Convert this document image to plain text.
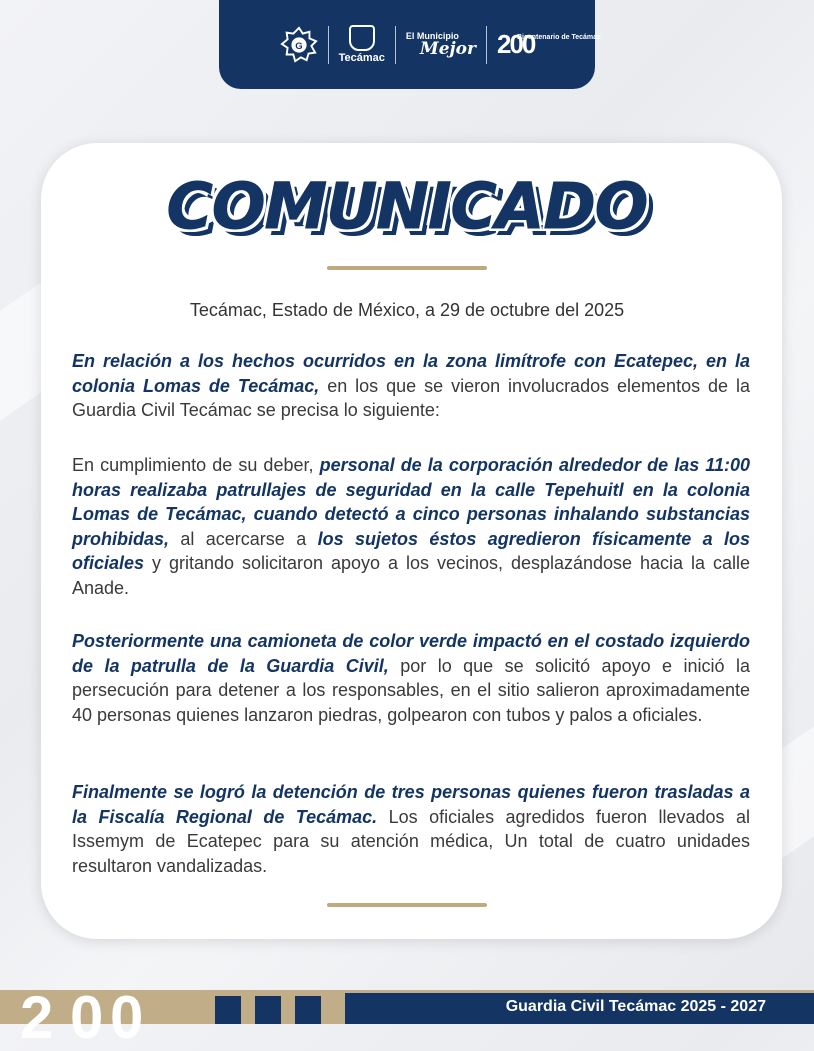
G
Tecámac
El Municipio
Mejor 200
Bicentenario de Tecámac
COMUNICADO
Tecámac, Estado de México, a 29 de octubre del 2025
En relación a los hechos ocurridos en la zona limítrofe con Ecatepec, en la colonia Lomas de Tecámac, en los que se vieron involucrados elementos de la Guardia Civil Tecámac se precisa lo siguiente:
En cumplimiento de su deber, personal de la corporación alrededor de las 11:00 horas realizaba patrullajes de seguridad en la calle Tepehuitl en la colonia Lomas de Tecámac, cuando detectó a cinco personas inhalando substancias prohibidas, al acercarse a los sujetos éstos agredieron físicamente a los oficiales y gritando solicitaron apoyo a los vecinos, desplazándose hacia la calle Anade.
Posteriormente una camioneta de color verde impactó en el costado izquierdo de la patrulla de la Guardia Civil, por lo que se solicitó apoyo e inició la persecución para detener a los responsables, en el sitio salieron aproximadamente 40 personas quienes lanzaron piedras, golpearon con tubos y palos a oficiales.
Finalmente se logró la detención de tres personas quienes fueron trasladas a la Fiscalía Regional de Tecámac. Los oficiales agredidos fueron llevados al Issemym de Ecatepec para su atención médica, Un total de cuatro unidades resultaron vandalizadas.
2 0 0	Guardia Civil Tecámac 2025 - 2027
